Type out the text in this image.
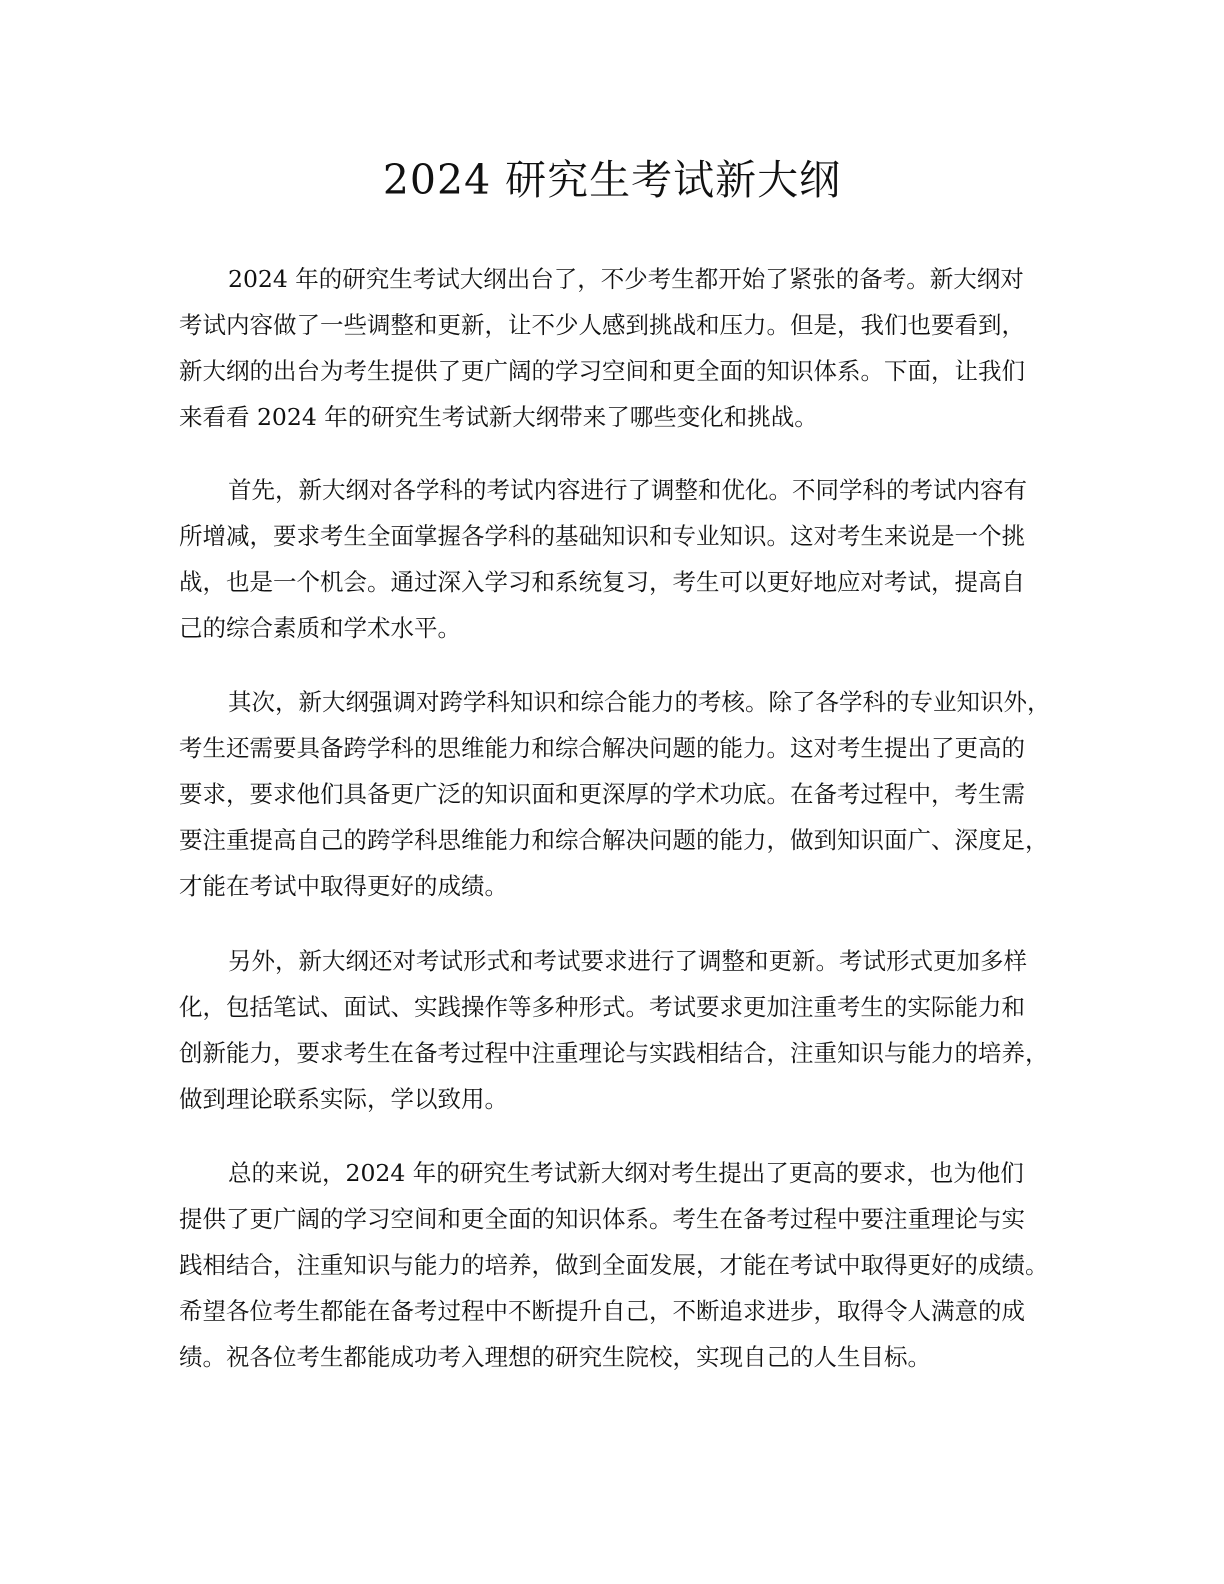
2024 研究生考试新大纲
2024 年的研究生考试大纲出台了，不少考生都开始了紧张的备考。新大纲对
考试内容做了一些调整和更新，让不少人感到挑战和压力。但是，我们也要看到，
新大纲的出台为考生提供了更广阔的学习空间和更全面的知识体系。下面，让我们
来看看 2024 年的研究生考试新大纲带来了哪些变化和挑战。
首先，新大纲对各学科的考试内容进行了调整和优化。不同学科的考试内容有
所增减，要求考生全面掌握各学科的基础知识和专业知识。这对考生来说是一个挑
战，也是一个机会。通过深入学习和系统复习，考生可以更好地应对考试，提高自
己的综合素质和学术水平。
其次，新大纲强调对跨学科知识和综合能力的考核。除了各学科的专业知识外，
考生还需要具备跨学科的思维能力和综合解决问题的能力。这对考生提出了更高的
要求，要求他们具备更广泛的知识面和更深厚的学术功底。在备考过程中，考生需
要注重提高自己的跨学科思维能力和综合解决问题的能力，做到知识面广、深度足，
才能在考试中取得更好的成绩。
另外，新大纲还对考试形式和考试要求进行了调整和更新。考试形式更加多样
化，包括笔试、面试、实践操作等多种形式。考试要求更加注重考生的实际能力和
创新能力，要求考生在备考过程中注重理论与实践相结合，注重知识与能力的培养，
做到理论联系实际，学以致用。
总的来说，2024 年的研究生考试新大纲对考生提出了更高的要求，也为他们
提供了更广阔的学习空间和更全面的知识体系。考生在备考过程中要注重理论与实
践相结合，注重知识与能力的培养，做到全面发展，才能在考试中取得更好的成绩。
希望各位考生都能在备考过程中不断提升自己，不断追求进步，取得令人满意的成
绩。祝各位考生都能成功考入理想的研究生院校，实现自己的人生目标。
